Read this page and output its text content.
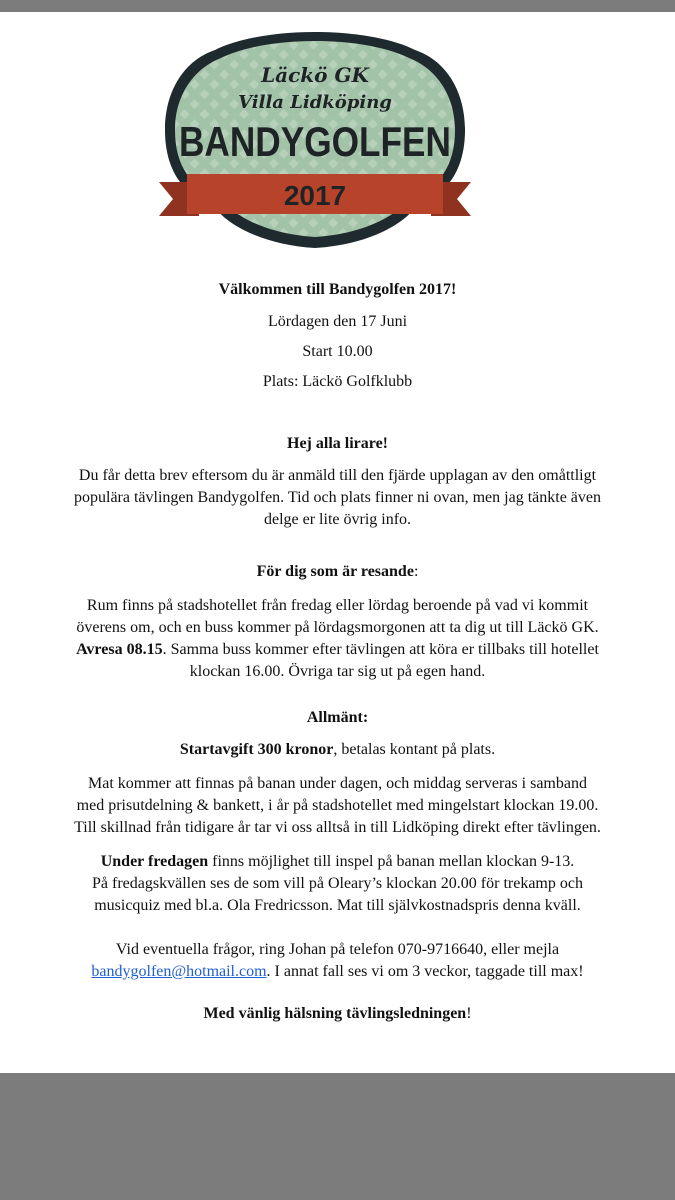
Läckö GK
Villa Lidköping
BANDYGOLFEN
2017
Välkommen till Bandygolfen 2017!
Lördagen den 17 Juni
Start 10.00
Plats: Läckö Golfklubb
Hej alla lirare!
Du får detta brev eftersom du är anmäld till den fjärde upplagan av den omåttligt
populära tävlingen Bandygolfen. Tid och plats finner ni ovan, men jag tänkte även
delge er lite övrig info.
För dig som är resande:
Rum finns på stadshotellet från fredag eller lördag beroende på vad vi kommit
överens om, och en buss kommer på lördagsmorgonen att ta dig ut till Läckö GK.
Avresa 08.15. Samma buss kommer efter tävlingen att köra er tillbaks till hotellet
klockan 16.00. Övriga tar sig ut på egen hand.
Allmänt:
Startavgift 300 kronor, betalas kontant på plats.
Mat kommer att finnas på banan under dagen, och middag serveras i samband
med prisutdelning & bankett, i år på stadshotellet med mingelstart klockan 19.00.
Till skillnad från tidigare år tar vi oss alltså in till Lidköping direkt efter tävlingen.
Under fredagen finns möjlighet till inspel på banan mellan klockan 9-13.
På fredagskvällen ses de som vill på Oleary’s klockan 20.00 för trekamp och
musicquiz med bl.a. Ola Fredricsson. Mat till självkostnadspris denna kväll.
Vid eventuella frågor, ring Johan på telefon 070-9716640, eller mejla
bandygolfen@hotmail.com. I annat fall ses vi om 3 veckor, taggade till max!
Med vänlig hälsning tävlingsledningen!
